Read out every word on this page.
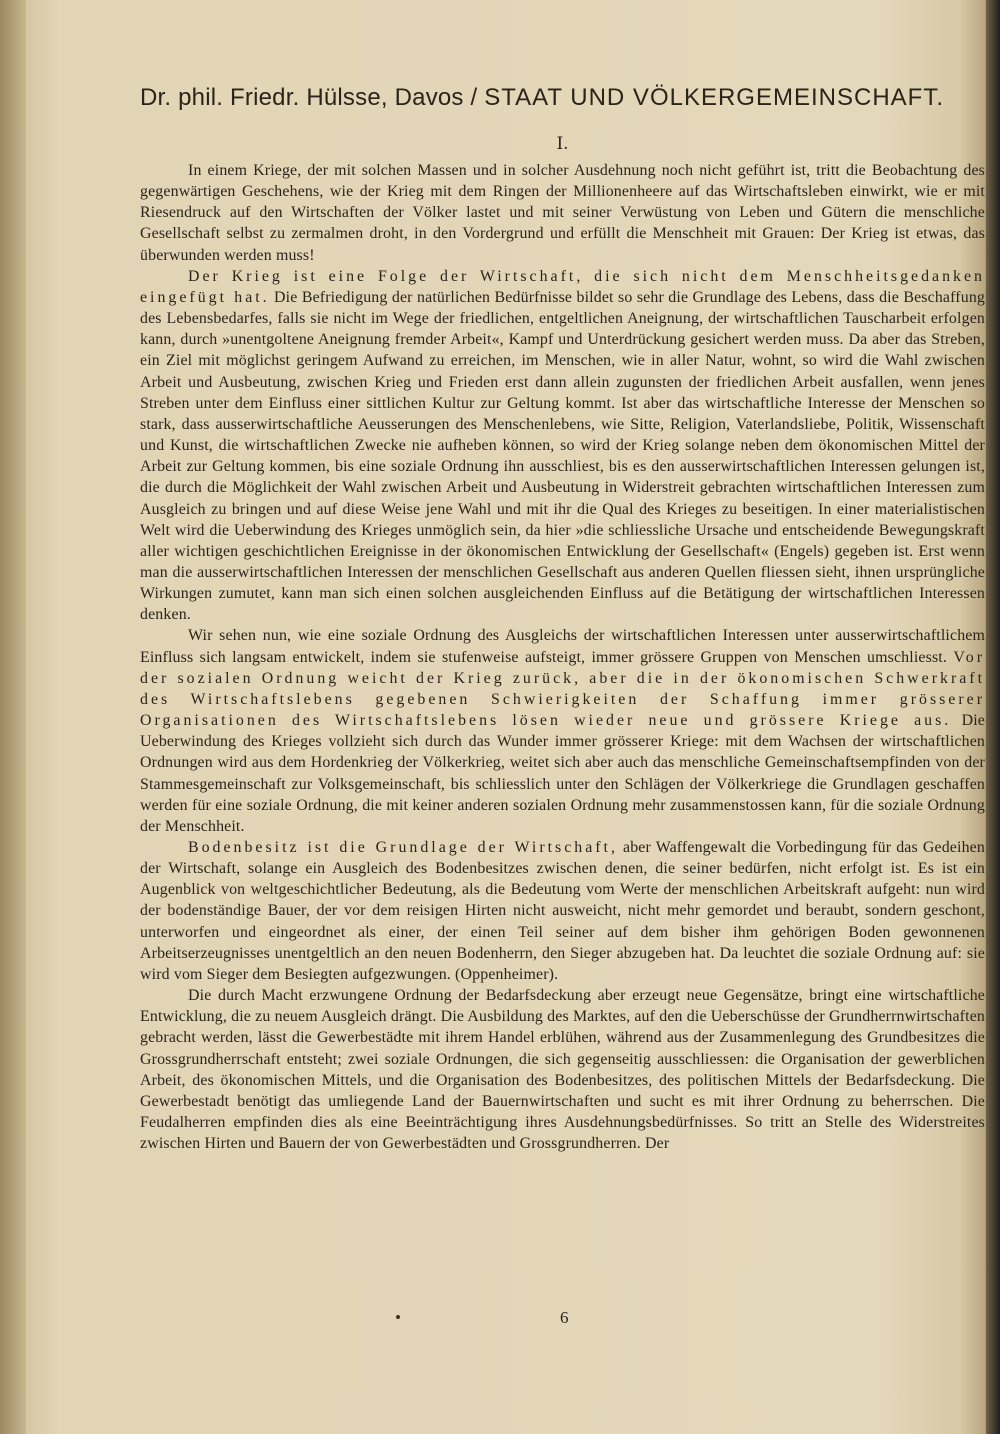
Dr. phil. Friedr. Hülsse, Davos / STAAT UND VÖLKERGEMEINSCHAFT.
I.

In einem Kriege, der mit solchen Massen und in solcher Ausdehnung noch nicht geführt ist, tritt die Beobachtung des gegenwärtigen Geschehens, wie der Krieg mit dem Ringen der Millionenheere auf das Wirtschaftsleben einwirkt, wie er mit Riesendruck auf den Wirtschaften der Völker lastet und mit seiner Verwüstung von Leben und Gütern die menschliche Gesellschaft selbst zu zermalmen droht, in den Vordergrund und erfüllt die Menschheit mit Grauen: Der Krieg ist etwas, das überwunden werden muss!

Der Krieg ist eine Folge der Wirtschaft, die sich nicht dem Menschheitsgedanken eingefügt hat. Die Befriedigung der natürlichen Bedürfnisse bildet so sehr die Grundlage des Lebens, dass die Beschaffung des Lebensbedarfes, falls sie nicht im Wege der friedlichen, entgeltlichen Aneignung, der wirtschaftlichen Tauscharbeit erfolgen kann, durch »unentgoltene Aneignung fremder Arbeit«, Kampf und Unterdrückung gesichert werden muss. Da aber das Streben, ein Ziel mit möglichst geringem Aufwand zu erreichen, im Menschen, wie in aller Natur, wohnt, so wird die Wahl zwischen Arbeit und Ausbeutung, zwischen Krieg und Frieden erst dann allein zugunsten der friedlichen Arbeit ausfallen, wenn jenes Streben unter dem Einfluss einer sittlichen Kultur zur Geltung kommt. Ist aber das wirtschaftliche Interesse der Menschen so stark, dass ausserwirtschaftliche Aeusserungen des Menschenlebens, wie Sitte, Religion, Vaterlandsliebe, Politik, Wissenschaft und Kunst, die wirtschaftlichen Zwecke nie aufheben können, so wird der Krieg solange neben dem ökonomischen Mittel der Arbeit zur Geltung kommen, bis eine soziale Ordnung ihn ausschliest, bis es den ausserwirtschaftlichen Interessen gelungen ist, die durch die Möglichkeit der Wahl zwischen Arbeit und Ausbeutung in Widerstreit gebrachten wirtschaftlichen Interessen zum Ausgleich zu bringen und auf diese Weise jene Wahl und mit ihr die Qual des Krieges zu beseitigen. In einer materialistischen Welt wird die Ueberwindung des Krieges unmöglich sein, da hier »die schliessliche Ursache und entscheidende Bewegungskraft aller wichtigen geschichtlichen Ereignisse in der ökonomischen Entwicklung der Gesellschaft« (Engels) gegeben ist. Erst wenn man die ausserwirtschaftlichen Interessen der menschlichen Gesellschaft aus anderen Quellen fliessen sieht, ihnen ursprüngliche Wirkungen zumutet, kann man sich einen solchen ausgleichenden Einfluss auf die Betätigung der wirtschaftlichen Interessen denken.

Wir sehen nun, wie eine soziale Ordnung des Ausgleichs der wirtschaftlichen Interessen unter ausserwirtschaftlichem Einfluss sich langsam entwickelt, indem sie stufenweise aufsteigt, immer grössere Gruppen von Menschen umschliesst. Vor der sozialen Ordnung weicht der Krieg zurück, aber die in der ökonomischen Schwerkraft des Wirtschaftslebens gegebenen Schwierigkeiten der Schaffung immer grösserer Organisationen des Wirtschaftslebens lösen wieder neue und grössere Kriege aus. Die Ueberwindung des Krieges vollzieht sich durch das Wunder immer grösserer Kriege: mit dem Wachsen der wirtschaftlichen Ordnungen wird aus dem Hordenkrieg der Völkerkrieg, weitet sich aber auch das menschliche Gemeinschaftsempfinden von der Stammesgemeinschaft zur Volksgemeinschaft, bis schliesslich unter den Schlägen der Völkerkriege die Grundlagen geschaffen werden für eine soziale Ordnung, die mit keiner anderen sozialen Ordnung mehr zusammenstossen kann, für die soziale Ordnung der Menschheit.

Bodenbesitz ist die Grundlage der Wirtschaft, aber Waffengewalt die Vorbedingung für das Gedeihen der Wirtschaft, solange ein Ausgleich des Bodenbesitzes zwischen denen, die seiner bedürfen, nicht erfolgt ist. Es ist ein Augenblick von weltgeschichtlicher Bedeutung, als die Bedeutung vom Werte der menschlichen Arbeitskraft aufgeht: nun wird der bodenständige Bauer, der vor dem reisigen Hirten nicht ausweicht, nicht mehr gemordet und beraubt, sondern geschont, unterworfen und eingeordnet als einer, der einen Teil seiner auf dem bisher ihm gehörigen Boden gewonnenen Arbeitserzeugnisses unentgeltlich an den neuen Bodenherrn, den Sieger abzugeben hat. Da leuchtet die soziale Ordnung auf: sie wird vom Sieger dem Besiegten aufgezwungen. (Oppenheimer).

Die durch Macht erzwungene Ordnung der Bedarfsdeckung aber erzeugt neue Gegensätze, bringt eine wirtschaftliche Entwicklung, die zu neuem Ausgleich drängt. Die Ausbildung des Marktes, auf den die Ueberschüsse der Grundherrnwirtschaften gebracht werden, lässt die Gewerbestädte mit ihrem Handel erblühen, während aus der Zusammenlegung des Grundbesitzes die Grossgrundherrschaft entsteht; zwei soziale Ordnungen, die sich gegenseitig ausschliessen: die Organisation der gewerblichen Arbeit, des ökonomischen Mittels, und die Organisation des Bodenbesitzes, des politischen Mittels der Bedarfsdeckung. Die Gewerbestadt benötigt das umliegende Land der Bauernwirtschaften und sucht es mit ihrer Ordnung zu beherrschen. Die Feudalherren empfinden dies als eine Beeinträchtigung ihres Ausdehnungsbedürfnisses. So tritt an Stelle des Widerstreites zwischen Hirten und Bauern der von Gewerbestädten und Grossgrundherren. Der

6
